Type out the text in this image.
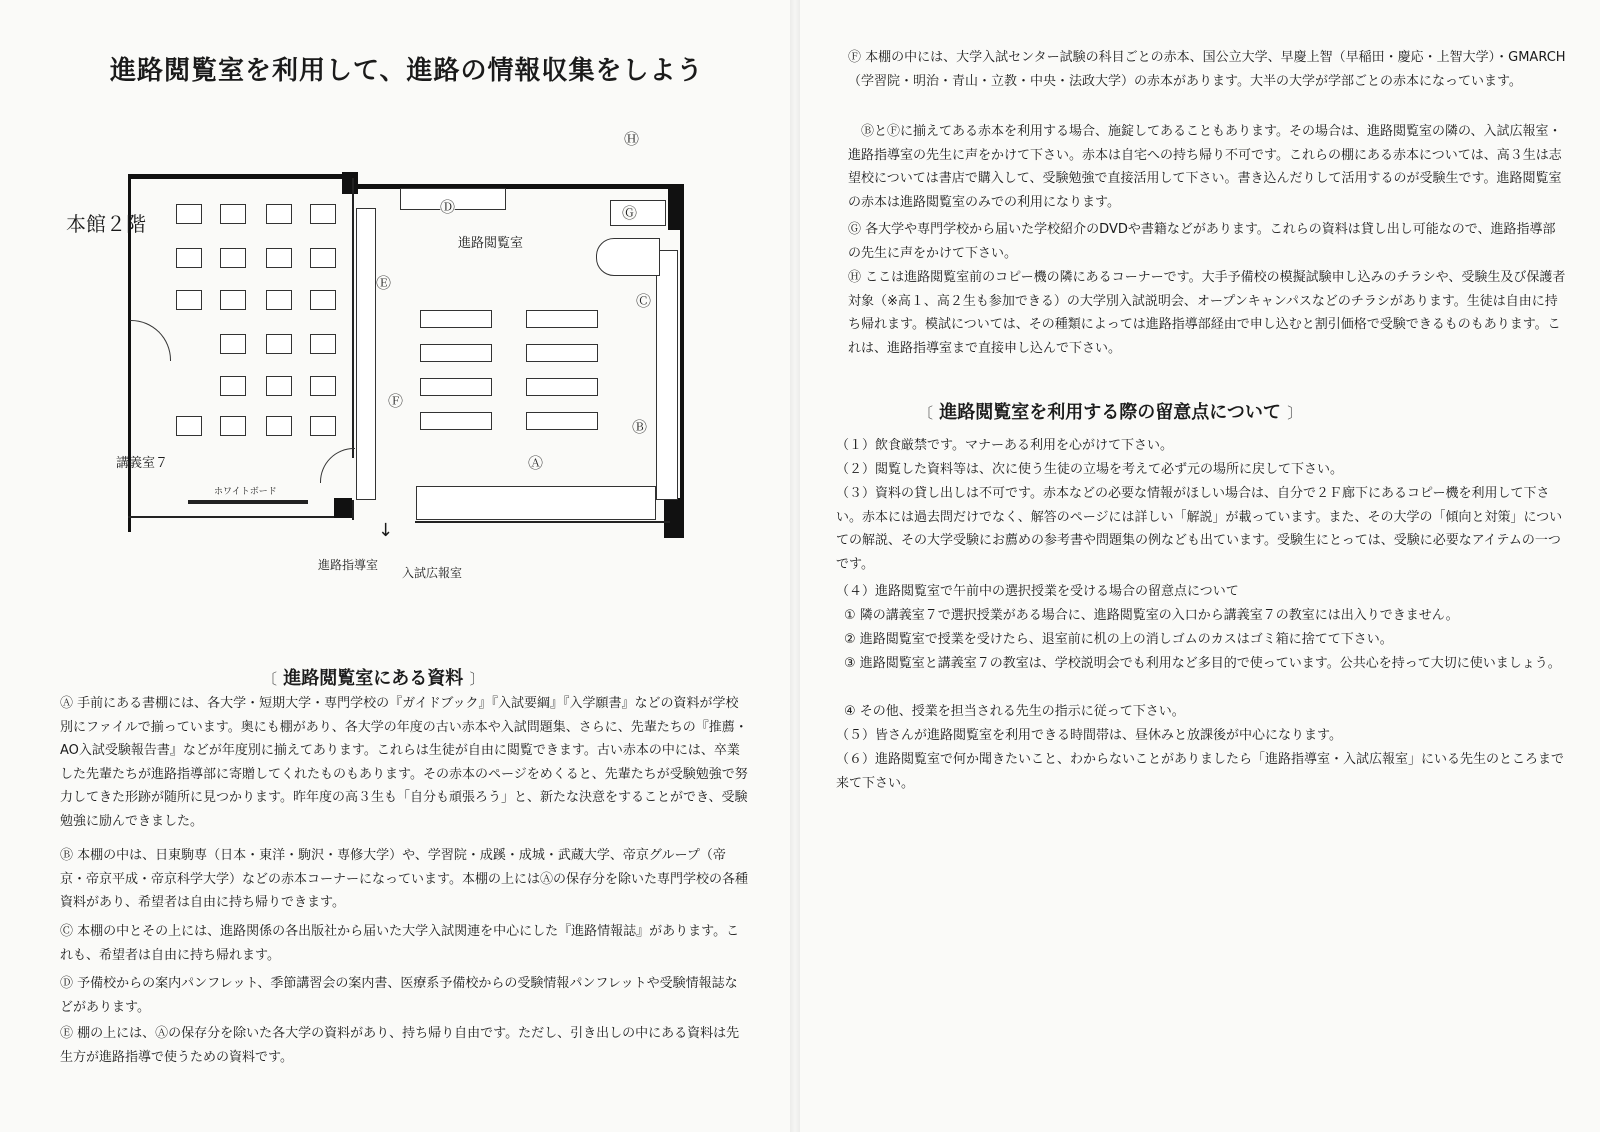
進路閲覧室を利用して、進路の情報収集をしよう
本館２階
進路閲覧室
講義室７
ホワイトボード
↓
進路指導室
入試広報室
Ⓗ
Ⓓ	Ⓖ
Ⓔ
Ⓒ
Ⓕ
Ⓑ
Ⓐ
〔 進路閲覧室にある資料 〕
Ⓐ 手前にある書棚には、各大学・短期大学・専門学校の『ガイドブック』『入試要綱』『入学願書』などの資料が学校別にファイルで揃っています。奥にも棚があり、各大学の年度の古い赤本や入試問題集、さらに、先輩たちの『推薦・AO入試受験報告書』などが年度別に揃えてあります。これらは生徒が自由に閲覧できます。古い赤本の中には、卒業した先輩たちが進路指導部に寄贈してくれたものもあります。その赤本のページをめくると、先輩たちが受験勉強で努力してきた形跡が随所に見つかります。昨年度の高３生も「自分も頑張ろう」と、新たな決意をすることができ、受験勉強に励んできました。
Ⓑ 本棚の中は、日東駒専（日本・東洋・駒沢・専修大学）や、学習院・成蹊・成城・武蔵大学、帝京グループ（帝京・帝京平成・帝京科学大学）などの赤本コーナーになっています。本棚の上にはⒶの保存分を除いた専門学校の各種資料があり、希望者は自由に持ち帰りできます。
Ⓒ 本棚の中とその上には、進路関係の各出版社から届いた大学入試関連を中心にした『進路情報誌』があります。これも、希望者は自由に持ち帰れます。
Ⓓ 予備校からの案内パンフレット、季節講習会の案内書、医療系予備校からの受験情報パンフレットや受験情報誌などがあります。
Ⓔ 棚の上には、Ⓐの保存分を除いた各大学の資料があり、持ち帰り自由です。ただし、引き出しの中にある資料は先生方が進路指導で使うための資料です。
Ⓕ 本棚の中には、大学入試センター試験の科目ごとの赤本、国公立大学、早慶上智（早稲田・慶応・上智大学）・GMARCH（学習院・明治・青山・立教・中央・法政大学）の赤本があります。大半の大学が学部ごとの赤本になっています。
ⒷとⒻに揃えてある赤本を利用する場合、施錠してあることもあります。その場合は、進路閲覧室の隣の、入試広報室・進路指導室の先生に声をかけて下さい。赤本は自宅への持ち帰り不可です。これらの棚にある赤本については、高３生は志望校については書店で購入して、受験勉強で直接活用して下さい。書き込んだりして活用するのが受験生です。進路閲覧室の赤本は進路閲覧室のみでの利用になります。
Ⓖ 各大学や専門学校から届いた学校紹介のDVDや書籍などがあります。これらの資料は貸し出し可能なので、進路指導部の先生に声をかけて下さい。
Ⓗ ここは進路閲覧室前のコピー機の隣にあるコーナーです。大手予備校の模擬試験申し込みのチラシや、受験生及び保護者対象（※高１、高２生も参加できる）の大学別入試説明会、オープンキャンパスなどのチラシがあります。生徒は自由に持ち帰れます。模試については、その種類によっては進路指導部経由で申し込むと割引価格で受験できるものもあります。これは、進路指導室まで直接申し込んで下さい。
〔 進路閲覧室を利用する際の留意点について 〕
（１）飲食厳禁です。マナーある利用を心がけて下さい。
（２）閲覧した資料等は、次に使う生徒の立場を考えて必ず元の場所に戻して下さい。
（３）資料の貸し出しは不可です。赤本などの必要な情報がほしい場合は、自分で２Ｆ廊下にあるコピー機を利用して下さい。赤本には過去問だけでなく、解答のページには詳しい「解説」が載っています。また、その大学の「傾向と対策」についての解説、その大学受験にお薦めの参考書や問題集の例なども出ています。受験生にとっては、受験に必要なアイテムの一つです。
（４）進路閲覧室で午前中の選択授業を受ける場合の留意点について
① 隣の講義室７で選択授業がある場合に、進路閲覧室の入口から講義室７の教室には出入りできません。
② 進路閲覧室で授業を受けたら、退室前に机の上の消しゴムのカスはゴミ箱に捨てて下さい。
③ 進路閲覧室と講義室７の教室は、学校説明会でも利用など多目的で使っています。公共心を持って大切に使いましょう。
④ その他、授業を担当される先生の指示に従って下さい。
（５）皆さんが進路閲覧室を利用できる時間帯は、昼休みと放課後が中心になります。
（６）進路閲覧室で何か聞きたいこと、わからないことがありましたら「進路指導室・入試広報室」にいる先生のところまで来て下さい。
